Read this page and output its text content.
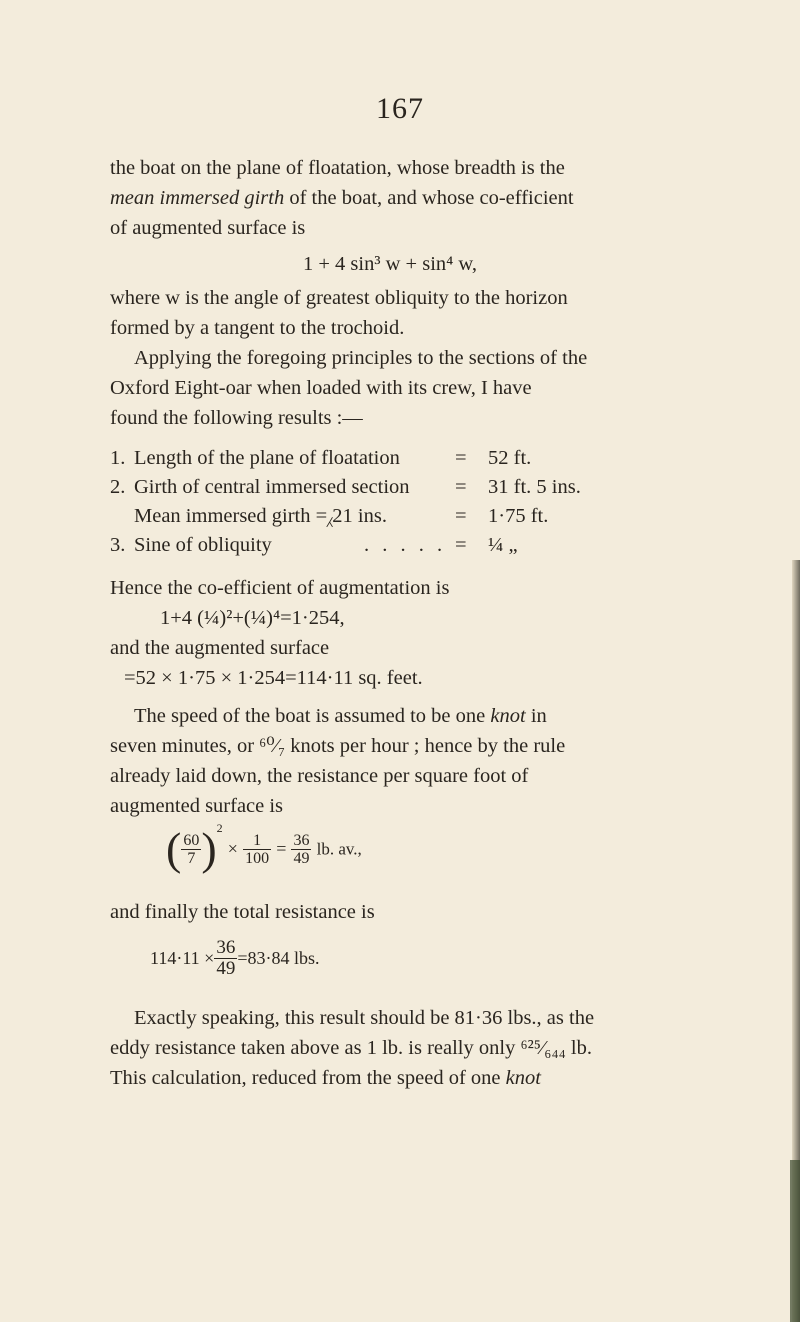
167
the boat on the plane of floatation, whose breadth is the
mean immersed girth of the boat, and whose co-efficient
of augmented surface is
1 + 4 sin³ w + sin⁴ w,
where w is the angle of greatest obliquity to the horizon
formed by a tangent to the trochoid.
Applying the foregoing principles to the sections of the
Oxford Eight-oar when loaded with its crew, I have
found the following results :—
1. Length of the plane of floatation	= 52 ft.
2. Girth of central immersed section = 31 ft. 5 ins.
Mean immersed girth =⁁21 ins.	= 1·75 ft.
3. Sine of obliquity	. . . . . = ¼ „
Hence the co-efficient of augmentation is
1+4 (¼)²+(¼)⁴=1·254,
and the augmented surface
=52 × 1·75 × 1·254=114·11 sq. feet.
The speed of the boat is assumed to be one knot in
seven minutes, or ⁶⁰⁄₇ knots per hour ; hence by the rule
already laid down, the resistance per square foot of
augmented surface is
( $\frac{60}{7} )^2 \times \frac{1}{100} = \frac{36}{49}$ lb. av.,
and finally the total resistance is
$114\cdot 11 \times \frac{36}{49} =83\cdot 84$ lbs.
Exactly speaking, this result should be 81·36 lbs., as the
eddy resistance taken above as 1 lb. is really only ⁶²⁵⁄₆₄₄ lb.
This calculation, reduced from the speed of one knot
